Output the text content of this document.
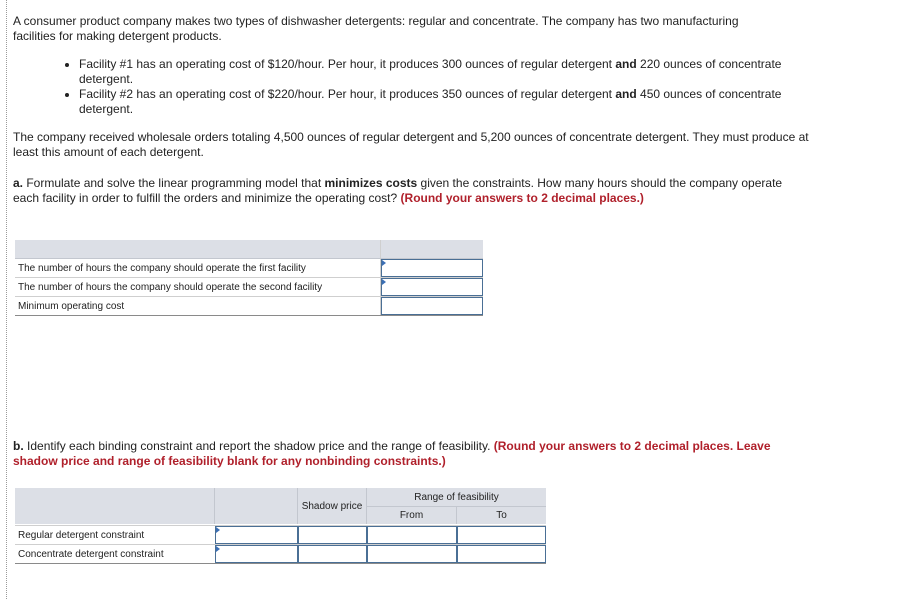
A consumer product company makes two types of dishwasher detergents: regular and concentrate. The company has two manufacturing facilities for making detergent products.

Facility #1 has an operating cost of $120/hour. Per hour, it produces 300 ounces of regular detergent and 220 ounces of concentrate detergent.
Facility #2 has an operating cost of $220/hour. Per hour, it produces 350 ounces of regular detergent and 450 ounces of concentrate detergent.

The company received wholesale orders totaling 4,500 ounces of regular detergent and 5,200 ounces of concentrate detergent. They must produce at least this amount of each detergent.

a. Formulate and solve the linear programming model that minimizes costs given the constraints. How many hours should the company operate each facility in order to fulfill the orders and minimize the operating cost? (Round your answers to 2 decimal places.)

The number of hours the company should operate the first facility	

The number of hours the company should operate the second facility	

Minimum operating cost	

b. Identify each binding constraint and report the shadow price and the range of feasibility. (Round your answers to 2 decimal places. Leave shadow price and range of feasibility blank for any nonbinding constraints.)

		Shadow price	Range of feasibility	
			From	To

Regular detergent constraint	

Concentrate detergent constraint	
